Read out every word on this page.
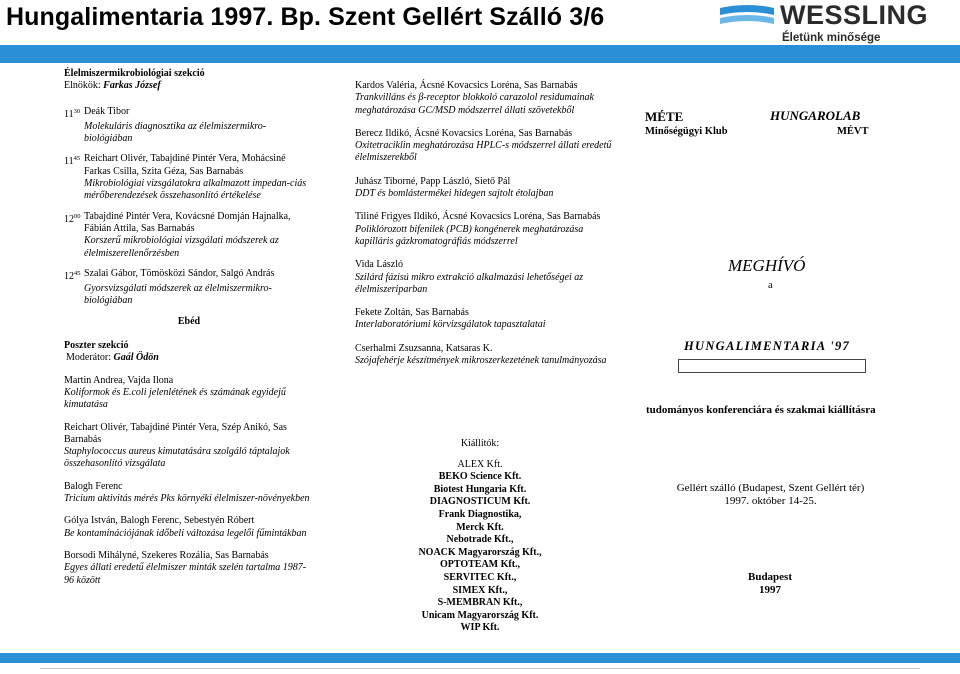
Hungalimentaria 1997. Bp. Szent Gellért Szálló 3/6	WESSLING
Életünk minősége
Élelmiszermikrobiológiai szekció
Elnökök: Farkas József
$11^{30}$ Deák Tibor
Molekuláris diagnosztika az élelmiszermikro-biológiában
$11^{45}$ Reichart Olivér, Tabajdiné Pintér Vera, Mohácsiné Farkas Csilla, Szita Géza, Sas Barnabás
Mikrobiológiai vizsgálatokra alkalmazott impedan-ciás mérőberendezések összehasonlító értékelése
$12^{00}$ Tabajdiné Pintér Vera, Kovácsné Domján Hajnalka, Fábián Attila, Sas Barnabás
Korszerű mikrobiológiai vizsgálati módszerek az élelmiszerellenőrzésben
$12^{45}$ Szalai Gábor, Tömösközi Sándor, Salgó András
Gyorsvizsgálati módszerek az élelmiszermikro-biológiában
Ebéd
Poszter szekció
Moderátor: Gaál Ödön
Martin Andrea, Vajda Ilona
Koliformok és E.coli jelenlétének és számának egyidejű kimutatása
Reichart Olivér, Tabajdiné Pintér Vera, Szép Anikó, Sas Barnabás
Staphylococcus aureus kimutatására szolgáló táptalajok összehasonlító vizsgálata
Balogh Ferenc
Tricium aktivitás mérés Pks környéki élelmiszer-növényekben
Gólya István, Balogh Ferenc, Sebestyén Róbert
Be kontaminációjának időbeli változása legelői fűmintákban
Borsodi Mihályné, Szekeres Rozália, Sas Barnabás
Egyes állati eredetű élelmiszer minták szelén tartalma 1987-96 között
Kardos Valéria, Ácsné Kovacsics Loréna, Sas Barnabás
Trankvilláns és β-receptor blokkoló carazolol residumainak meghatározása GC/MSD módszerrel állati szövetekből
Berecz Ildikó, Ácsné Kovacsics Loréna, Sas Barnabás
Oxitetraciklin meghatározása HPLC-s módszerrel állati eredetű élelmiszerekből
Juhász Tiborné, Papp László, Siető Pál
DDT és bomlástermékei hidegen sajtolt étolajban
Tiliné Frigyes Ildikó, Ácsné Kovacsics Loréna, Sas Barnabás
Poliklórozott bifenilek (PCB) kongénerek meghatározása kapilláris gázkromatográfiás módszerrel
Vida László
Szilárd fázisú mikro extrakció alkalmazási lehetőségei az élelmiszeriparban
Fekete Zoltán, Sas Barnabás
Interlaboratóriumi körvizsgálatok tapasztalatai
Cserhalmi Zsuzsanna, Katsaras K.
Szójafehérje készítmények mikroszerkezetének tanulmányozása
Kiállítók:
ALEX Kft.
BEKO Science Kft.
Biotest Hungaria Kft.
DIAGNOSTICUM Kft.
Frank Diagnostika,
Merck Kft.
Nebotrade Kft.,
NOACK Magyarország Kft.,
OPTOTEAM Kft.,
SERVITEC Kft.,
SIMEX Kft.,
S-MEMBRAN Kft.,
Unicam Magyarország Kft.
WIP Kft.
MÉTE
Minőségügyi Klub
HUNGAROLAB
MÉVT
MEGHÍVÓ
a
HUNGALIMENTARIA '97
tudományos konferenciára és szakmai kiállításra
Gellért szálló (Budapest, Szent Gellért tér)
1997. október 14-25.
Budapest
1997
